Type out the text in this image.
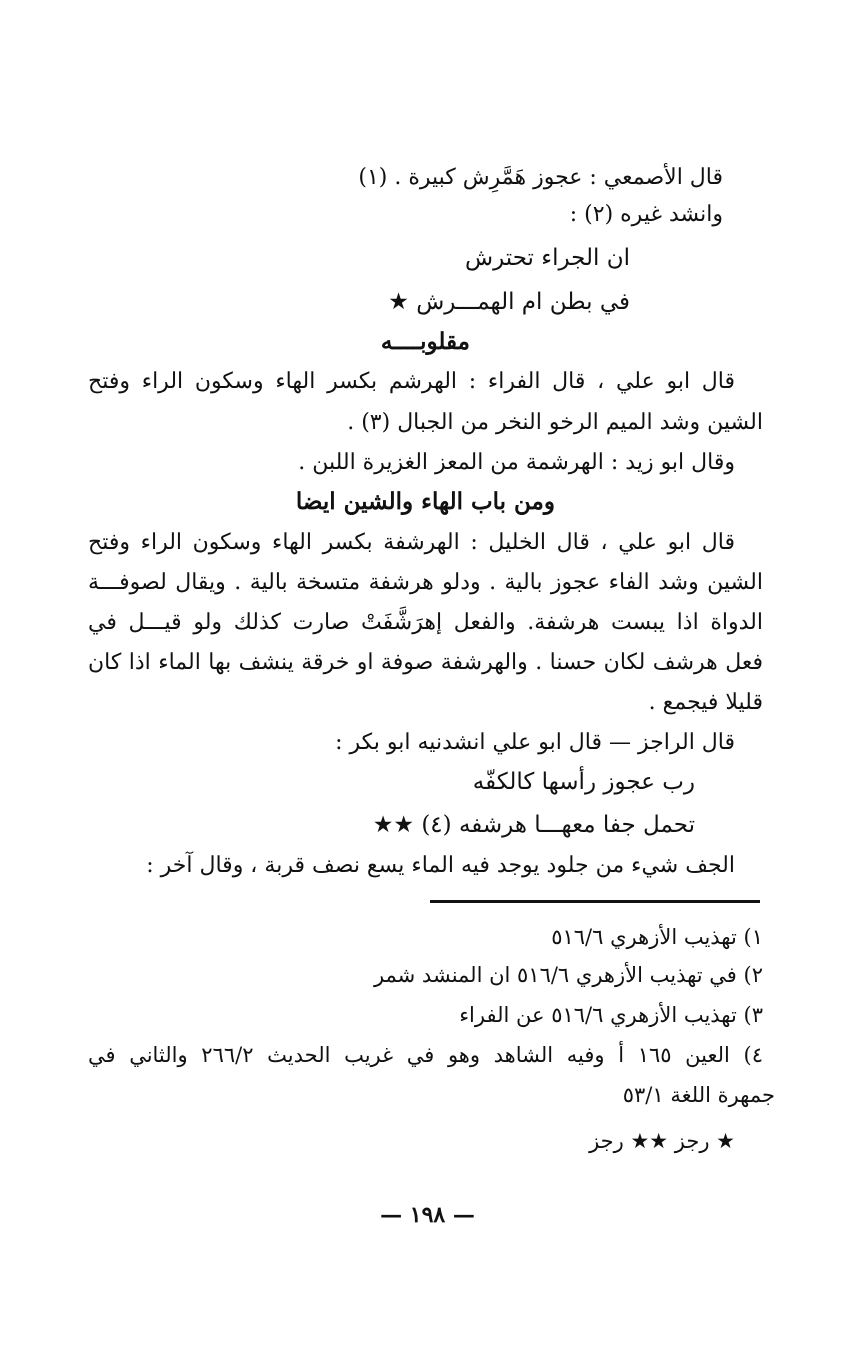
قال الأصمعي : عجوز هَمَّرِش كبيرة . (١)
وانشد غيره (٢) :
ان الجراء تحترش
في بطن ام الهمـــرش ★
مقلوبــــه
قال ابو علي ، قال الفراء : الهرشم بكسر الهاء وسكون الراء وفتح
الشين وشد الميم الرخو النخر من الجبال (٣) .
وقال ابو زيد : الهرشمة من المعز الغزيرة اللبن .
ومن باب الهاء والشين ايضا
قال ابو علي ، قال الخليل : الهرشفة بكسر الهاء وسكون الراء وفتح
الشين وشد الفاء عجوز بالية . ودلو هرشفة متسخة بالية . ويقال لصوفـــة
الدواة اذا يبست هرشفة. والفعل إهرَشَّفَتْ صارت كذلك ولو قيـــل في
فعل هرشف لكان حسنا . والهرشفة صوفة او خرقة ينشف بها الماء اذا كان
قليلا فيجمع .
قال الراجز — قال ابو علي انشدنيه ابو بكر :
رب عجوز رأسها كالكفّه
تحمل جفا معهـــا هرشفه (٤) ★★
الجف شيء من جلود يوجد فيه الماء يسع نصف قربة ، وقال آخر :
١) تهذيب الأزهري ٥١٦/٦
٢) في تهذيب الأزهري ٥١٦/٦ ان المنشد شمر
٣) تهذيب الأزهري ٥١٦/٦ عن الفراء
٤) العين ١٦٥ أ وفيه الشاهد وهو في غريب الحديث ٢٦٦/٢ والثاني في
جمهرة اللغة ٥٣/١
★ رجز ★★ رجز
— ١٩٨ —
